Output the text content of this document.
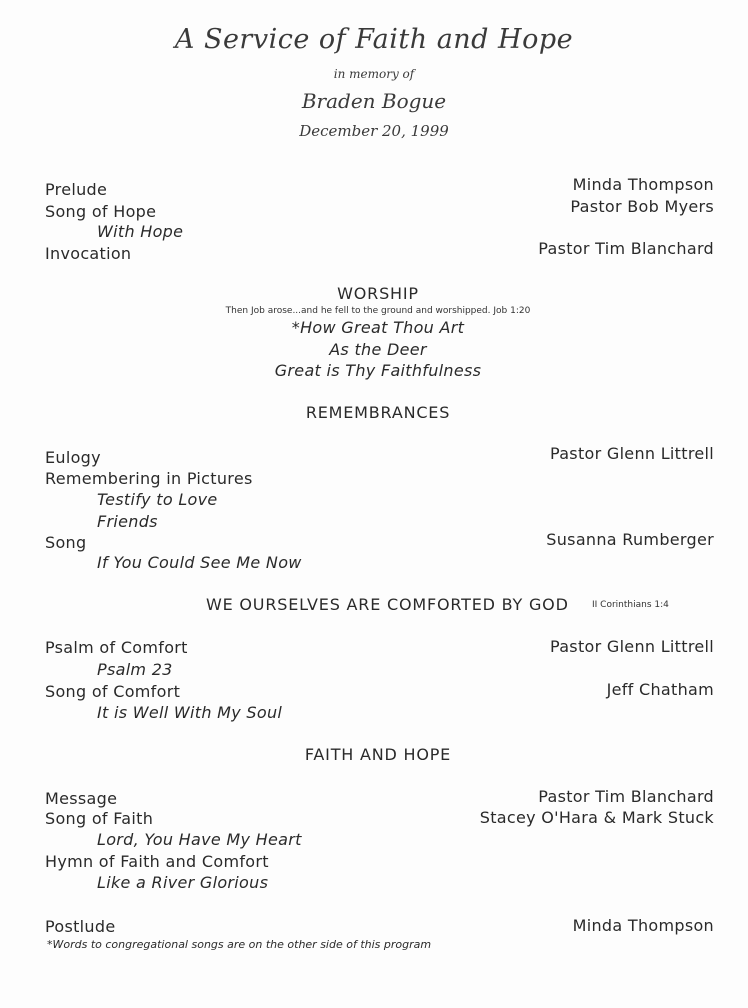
A Service of Faith and Hope
in memory of
Braden Bogue
December 20, 1999
Prelude	Minda Thompson
Song of Hope	Pastor Bob Myers
With Hope
Invocation	Pastor Tim Blanchard
WORSHIP
Then Job arose...and he fell to the ground and worshipped. Job 1:20
*How Great Thou Art
As the Deer
Great is Thy Faithfulness
REMEMBRANCES
Eulogy	Pastor Glenn Littrell
Remembering in Pictures
Testify to Love
Friends
Song	Susanna Rumberger
If You Could See Me Now
WE OURSELVES ARE COMFORTED BY GOD	II Corinthians 1:4
Psalm of Comfort	Pastor Glenn Littrell
Psalm 23
Song of Comfort	Jeff Chatham
It is Well With My Soul
FAITH AND HOPE
Message	Pastor Tim Blanchard
Song of Faith	Stacey O'Hara & Mark Stuck
Lord, You Have My Heart
Hymn of Faith and Comfort
Like a River Glorious
Postlude	Minda Thompson
*Words to congregational songs are on the other side of this program
